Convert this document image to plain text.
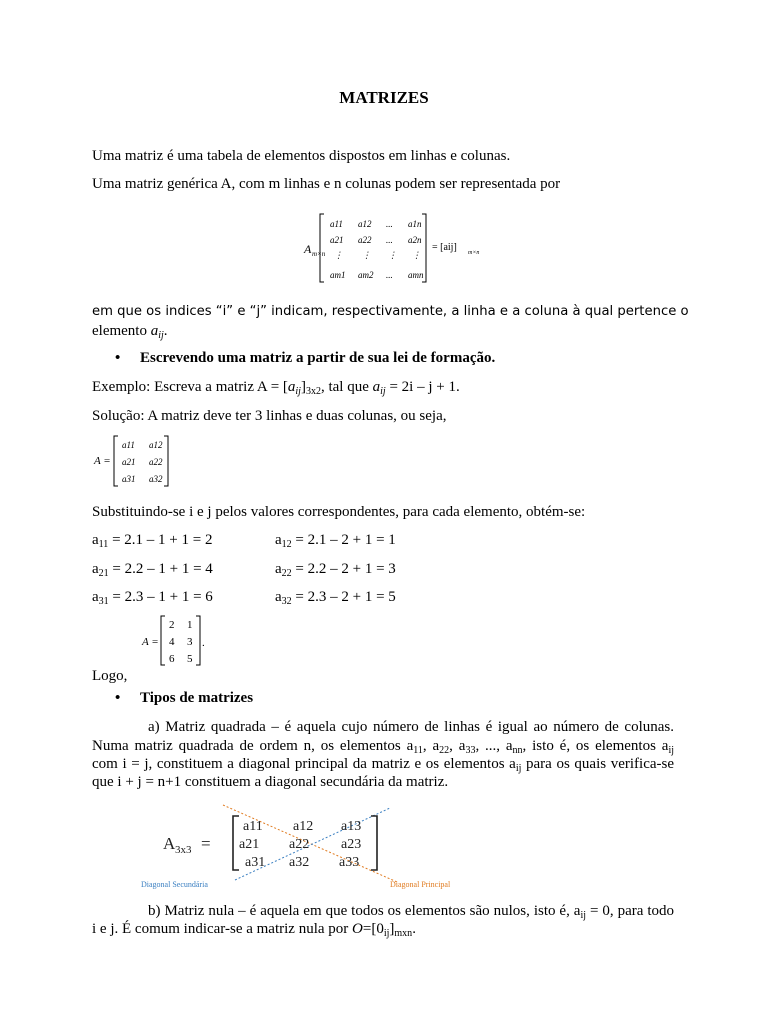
MATRIZES
Uma matriz é uma tabela de elementos dispostos em linhas e colunas.
Uma matriz genérica A, com m linhas e n colunas podem ser representada por
A m×n
a11 a12 ... a1n
a21 a22 ... a2n
⋮ ⋮ ⋮ ⋮
am1 am2 ... amn
= [aij] m×n
em que os indices “i” e “j” indicam, respectivamente, a linha e a coluna à qual pertence o
elemento $a_{ij}$.
• Escrevendo uma matriz a partir de sua lei de formação.
Exemplo: Escreva a matriz $A = [a_{ij}]_{3x2}$, tal que $a_{ij} = 2i - j + 1$.
Solução: A matriz deve ter 3 linhas e duas colunas, ou seja,
A =
a11 a12
a21 a22
a31 a32
Substituindo-se i e j pelos valores correspondentes, para cada elemento, obtém-se:
$a_{11} = 2.1 - 1 + 1 = 2$	$a_{12} = 2.1 - 2 + 1 = 1$
$a_{21} = 2.2 - 1 + 1 = 4$	$a_{22} = 2.2 - 2 + 1 = 3$
$a_{31} = 2.3 - 1 + 1 = 6$	$a_{32} = 2.3 - 2 + 1 = 5$
A =
2 1
4 3
6 5
.
Logo,
• Tipos de matrizes
a) Matriz quadrada – é aquela cujo número de linhas é igual ao número de colunas.
Numa matriz quadrada de ordem n, os elementos $a_{11}$, $a_{22}$, $a_{33}$, ..., $a_{nn}$, isto é, os elementos $a_{ij}$
com i = j, constituem a diagonal principal da matriz e os elementos $a_{ij}$ para os quais verifica-se
que i + j = n+1 constituem a diagonal secundária da matriz.
A 3x3 =
a11 a12 a13
a21 a22 a23
a31 a32 a33
Diagonal Secundária	Diagonal Principal
b) Matriz nula – é aquela em que todos os elementos são nulos, isto é, $a_{ij} = 0$, para todo
i e j. É comum indicar-se a matriz nula por $O=[0_{ij}]_{mxn}$.
